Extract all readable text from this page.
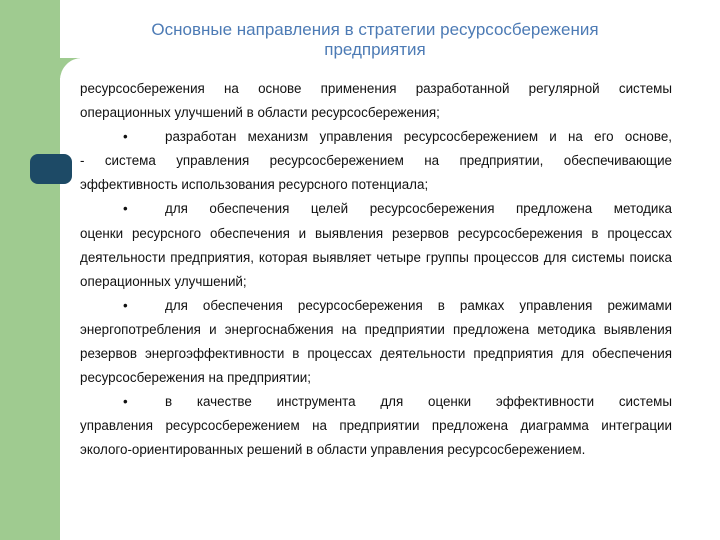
Основные направления в стратегии ресурсосбережения
предприятия

ресурсосбережения на основе применения разработанной регулярной системы операционных улучшений в области ресурсосбережения;

•	разработан механизм управления ресурсосбережением и на его основе,

- система управления ресурсосбережением на предприятии, обеспечивающие эффективность использования ресурсного потенциала;

•	для обеспечения целей ресурсосбережения предложена методика

оценки ресурсного обеспечения и выявления резервов ресурсосбережения в процессах деятельности предприятия, которая выявляет четыре группы процессов для системы поиска операционных улучшений;

•	для обеспечения ресурсосбережения в рамках управления режимами

энергопотребления и энергоснабжения на предприятии предложена методика выявления резервов энергоэффективности в процессах деятельности предприятия для обеспечения ресурсосбережения на предприятии;

•	в качестве инструмента для оценки эффективности системы

управления ресурсосбережением на предприятии предложена диаграмма интеграции эколого-ориентированных решений в области управления ресурсосбережением.
